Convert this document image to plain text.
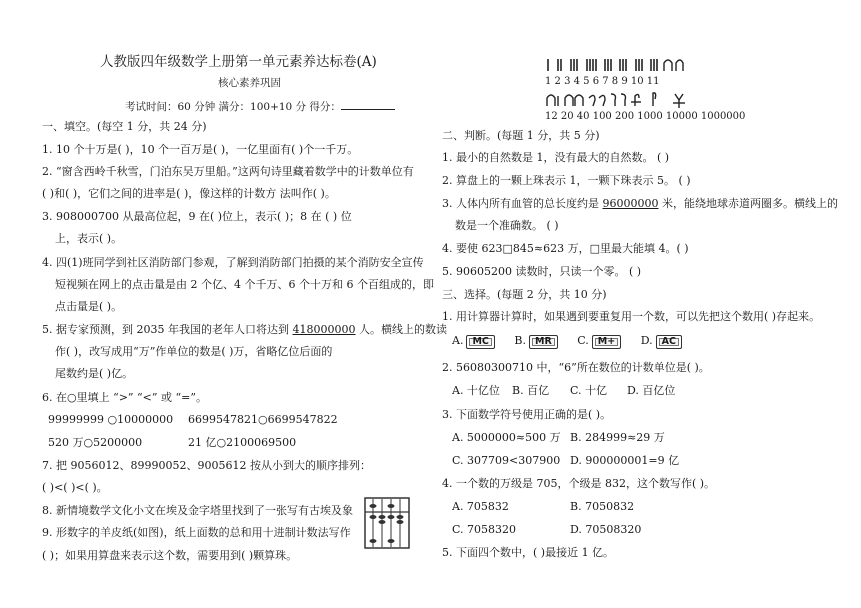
人教版四年级数学上册第一单元素养达标卷(A)
核心素养巩固
考试时间：60 分钟 满分：100+10 分 得分：
一、填空。(每空 1 分，共 24 分)
1. 10 个十万是( )，10 个一百万是( )，一亿里面有( )个一千万。
2. “窗含西岭千秋雪，门泊东吴万里船。”这两句诗里藏着数学中的计数单位有
( )和( )，它们之间的进率是( )，像这样的计数方 法叫作( )。
3. 908000700 从最高位起，9 在( )位上，表示( )；8 在 ( ) 位
上，表示( )。
4. 四(1)班同学到社区消防部门参观，了解到消防部门拍摄的某个消防安全宣传
短视频在网上的点击量是由 2 个亿、4 个千万、6 个十万和 6 个百组成的，即
点击量是( )。
5. 据专家预测，到 2035 年我国的老年人口将达到 418000000 人。横线上的数读
作( )，改写成用“万”作单位的数是( )万，省略亿位后面的
尾数约是( )亿。
6. 在○里填上 “>” “<” 或 “=”。
99999999 ○10000000 6699547821○6699547822
520 万○5200000	21 亿○2100069500
7. 把 9056012、89990052、9005612 按从小到大的顺序排列：
( )<( )<( )。
8. 新情境数学文化小文在埃及金字塔里找到了一张写有古埃及象
9. 形数字的羊皮纸(如图)，纸上面数的总和用十进制计数法写作
( )；如果用算盘来表示这个数，需要用到( )颗算珠。
1 2 3 4 5 6 7 8 9 10 11
12 20 40 100 200 1000 10000 1000000
二、判断。(每题 1 分，共 5 分)
1. 最小的自然数是 1，没有最大的自然数。 ( )
2. 算盘上的一颗上珠表示 1，一颗下珠表示 5。 ( )
3. 人体内所有血管的总长度约是 96000000 米，能绕地球赤道两圈多。横线上的
数是一个准确数。 ( )
4. 要使 623□845≈623 万，□里最大能填 4。( )
5. 90605200 读数时，只读一个零。 ( )
三、选择。(每题 2 分，共 10 分)
1. 用计算器计算时，如果遇到要重复用一个数，可以先把这个数用( )存起来。
A. MC B. MR C. M+ D. AC
2. 56080300710 中，“6”所在数位的计数单位是( )。
A. 十亿位 B. 百亿 C. 十亿 D. 百亿位
3. 下面数学符号使用正确的是( )。
A. 5000000≈500 万 B. 284999≈29 万
C. 307709<307900 D. 900000001=9 亿
4. 一个数的万级是 705，个级是 832，这个数写作( )。
A. 705832	B. 7050832
C. 7058320	D. 70508320
5. 下面四个数中，( )最接近 1 亿。
